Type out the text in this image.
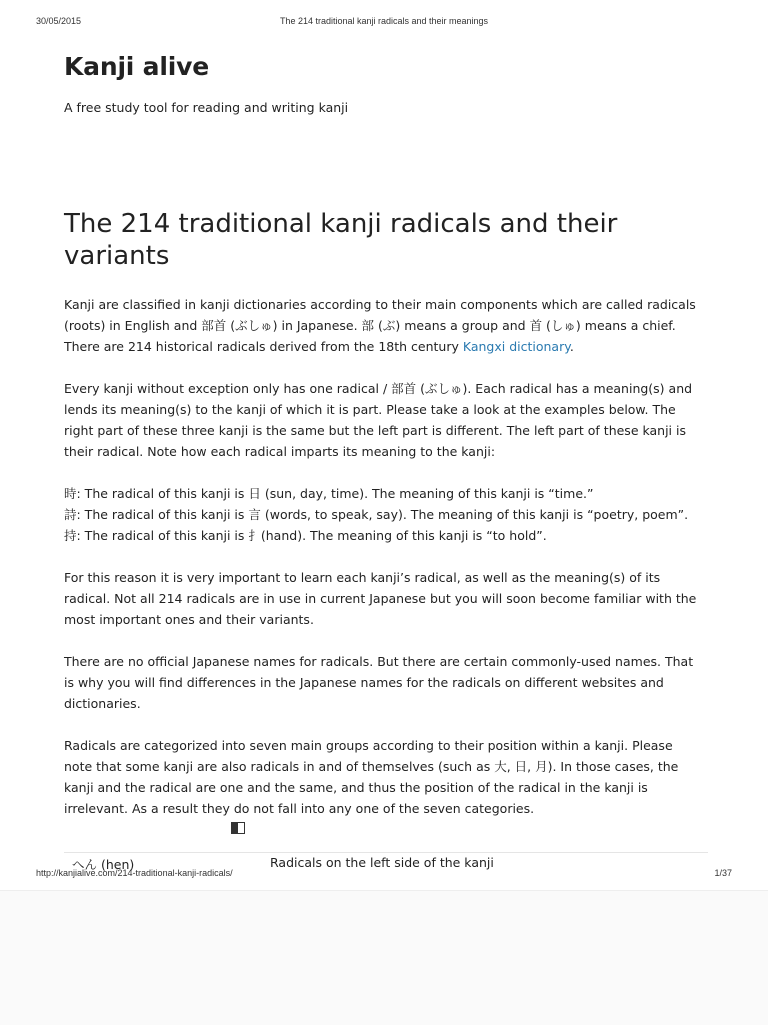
30/05/2015	The 214 traditional kanji radicals and their meanings
Kanji alive
A free study tool for reading and writing kanji
The 214 traditional kanji radicals and their variants

Kanji are classified in kanji dictionaries according to their main components which are called radicals (roots) in English and 部首 (ぶしゅ) in Japanese. 部 (ぶ) means a group and 首 (しゅ) means a chief. There are 214 historical radicals derived from the 18th century Kangxi dictionary.

Every kanji without exception only has one radical / 部首 (ぶしゅ). Each radical has a meaning(s) and lends its meaning(s) to the kanji of which it is part. Please take a look at the examples below. The right part of these three kanji is the same but the left part is different. The left part of these kanji is their radical. Note how each radical imparts its meaning to the kanji:

時: The radical of this kanji is 日 (sun, day, time). The meaning of this kanji is “time.”
詩: The radical of this kanji is 言 (words, to speak, say). The meaning of this kanji is “poetry, poem”.
持: The radical of this kanji is 扌(hand). The meaning of this kanji is “to hold”.

For this reason it is very important to learn each kanji’s radical, as well as the meaning(s) of its radical. Not all 214 radicals are in use in current Japanese but you will soon become familiar with the most important ones and their variants.

There are no official Japanese names for radicals. But there are certain commonly-used names. That is why you will find differences in the Japanese names for the radicals on different websites and dictionaries.

Radicals are categorized into seven main groups according to their position within a kanji. Please note that some kanji are also radicals in and of themselves (such as 大, 日, 月). In those cases, the kanji and the radical are one and the same, and thus the position of the radical in the kanji is irrelevant. As a result they do not fall into any one of the seven categories.

へん (hen)	Radicals on the left side of the kanji
http://kanjialive.com/214-traditional-kanji-radicals/	1/37
